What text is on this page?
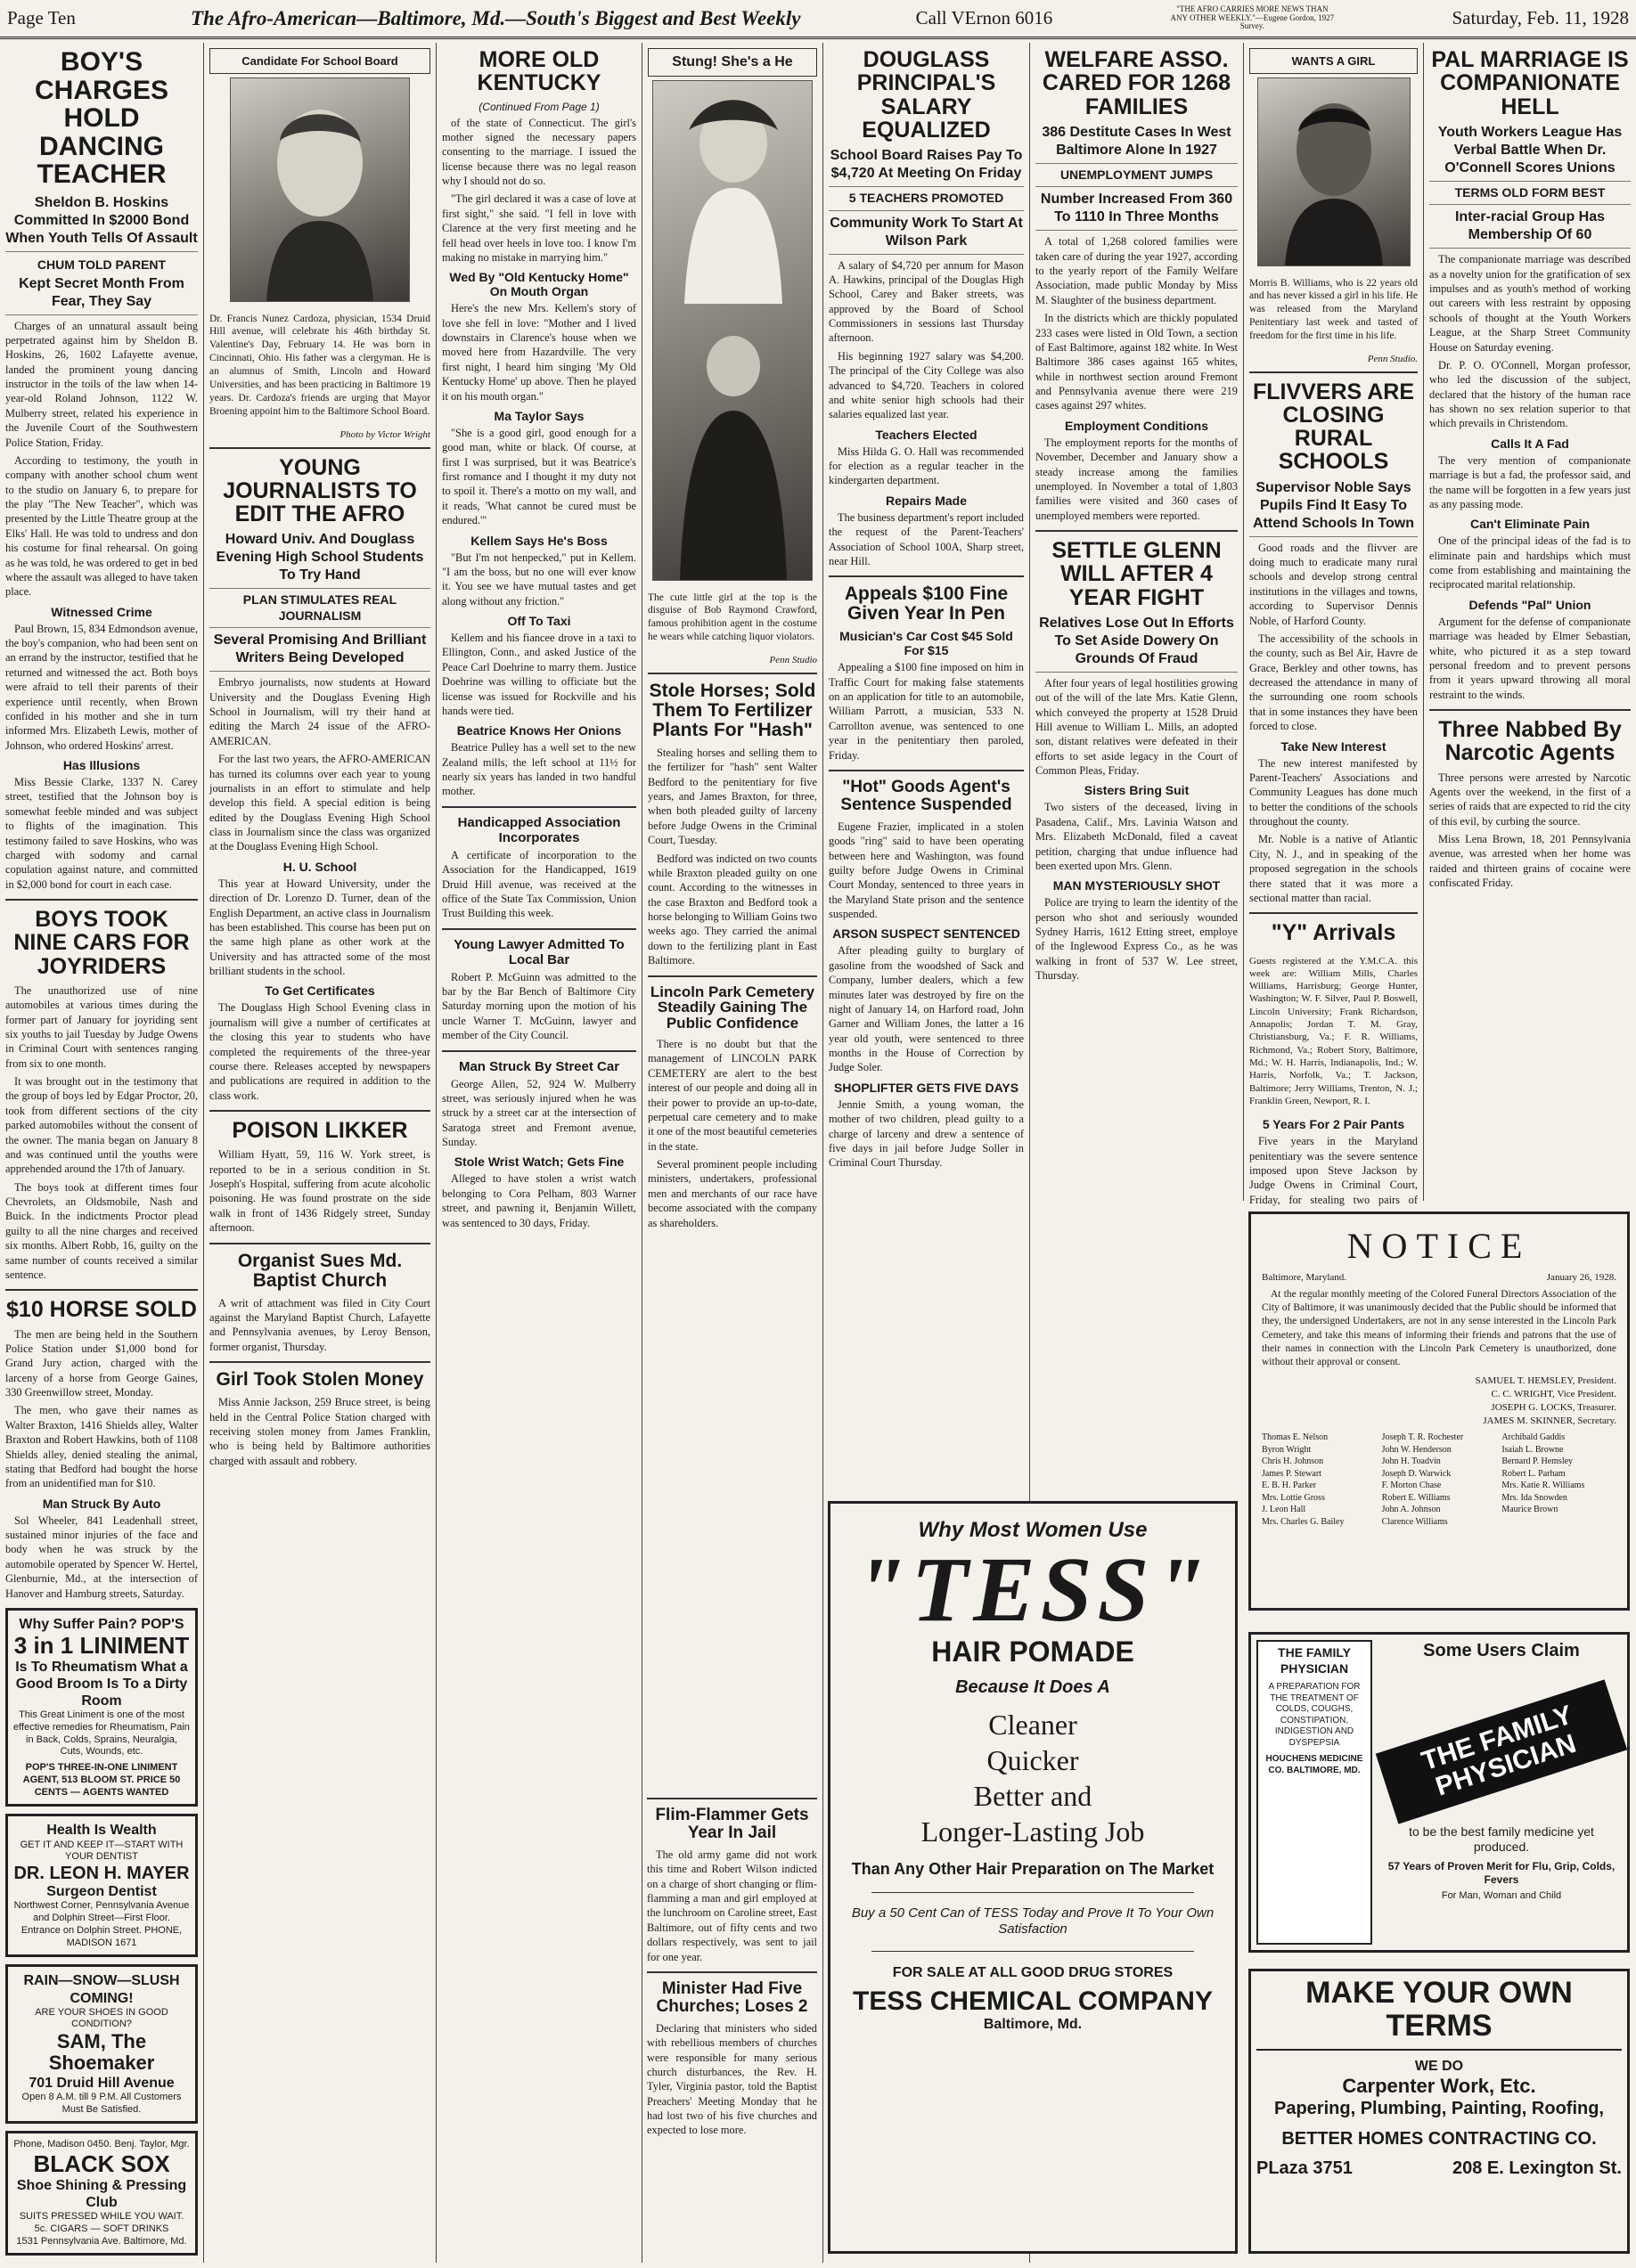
Page Ten	The Afro-American—Baltimore, Md.—South's Biggest and Best Weekly	Call VErnon 6016	"THE AFRO CARRIES MORE NEWS THAN ANY OTHER WEEKLY."—Eugene Gordon, 1927 Survey.	Saturday, Feb. 11, 1928
BOY'S CHARGES HOLD DANCING TEACHER
Sheldon B. Hoskins Committed In $2000 Bond When Youth Tells Of Assault
CHUM TOLD PARENT
Kept Secret Month From Fear, They Say

Charges of an unnatural assault being perpetrated against him by Sheldon B. Hoskins, 26, 1602 Lafayette avenue, landed the prominent young dancing instructor in the toils of the law when 14-year-old Roland Johnson, 1122 W. Mulberry street, related his experience in the Juvenile Court of the Southwestern Police Station, Friday.

According to testimony, the youth in company with another school chum went to the studio on January 6, to prepare for the play "The New Teacher", which was presented by the Little Theatre group at the Elks' Hall. He was told to undress and don his costume for final rehearsal. On going as he was told, he was ordered to get in bed where the assault was alleged to have taken place.

Witnessed Crime

Paul Brown, 15, 834 Edmondson avenue, the boy's companion, who had been sent on an errand by the instructor, testified that he returned and witnessed the act. Both boys were afraid to tell their parents of their experience until recently, when Brown confided in his mother and she in turn informed Mrs. Elizabeth Lewis, mother of Johnson, who ordered Hoskins' arrest.

Has Illusions

Miss Bessie Clarke, 1337 N. Carey street, testified that the Johnson boy is somewhat feeble minded and was subject to flights of the imagination. This testimony failed to save Hoskins, who was charged with sodomy and carnal copulation against nature, and committed in $2,000 bond for court in each case.

BOYS TOOK NINE CARS FOR JOYRIDERS

The unauthorized use of nine automobiles at various times during the former part of January for joyriding sent six youths to jail Tuesday by Judge Owens in Criminal Court with sentences ranging from six to one month.

It was brought out in the testimony that the group of boys led by Edgar Proctor, 20, took from different sections of the city parked automobiles without the consent of the owner. The mania began on January 8 and was continued until the youths were apprehended around the 17th of January.

The boys took at different times four Chevrolets, an Oldsmobile, Nash and Buick. In the indictments Proctor plead guilty to all the nine charges and received six months. Albert Robb, 16, guilty on the same number of counts received a similar sentence.

$10 HORSE SOLD

The men are being held in the Southern Police Station under $1,000 bond for Grand Jury action, charged with the larceny of a horse from George Gaines, 330 Greenwillow street, Monday.

The men, who gave their names as Walter Braxton, 1416 Shields alley, Walter Braxton and Robert Hawkins, both of 1108 Shields alley, denied stealing the animal, stating that Bedford had bought the horse from an unidentified man for $10.

Man Struck By Auto

Sol Wheeler, 841 Leadenhall street, sustained minor injuries of the face and body when he was struck by the automobile operated by Spencer W. Hertel, Glenburnie, Md., at the intersection of Hanover and Hamburg streets, Saturday.

Why Suffer Pain? POP'S
3 in 1 LINIMENT
Is To Rheumatism What a Good Broom Is To a Dirty Room
This Great Liniment is one of the most effective remedies for Rheumatism, Pain in Back, Colds, Sprains, Neuralgia, Cuts, Wounds, etc.
POP'S THREE-IN-ONE LINIMENT AGENT, 513 BLOOM ST. PRICE 50 CENTS — AGENTS WANTED
Health Is Wealth
GET IT AND KEEP IT—START WITH YOUR DENTIST
DR. LEON H. MAYER
Surgeon Dentist
Northwest Corner, Pennsylvania Avenue and Dolphin Street—First Floor. Entrance on Dolphin Street. PHONE, MADISON 1671
RAIN—SNOW—SLUSH COMING!
ARE YOUR SHOES IN GOOD CONDITION?
SAM, The Shoemaker
701 Druid Hill Avenue
Open 8 A.M. till 9 P.M. All Customers Must Be Satisfied.
Phone, Madison 0450. Benj. Taylor, Mgr.
BLACK SOX
Shoe Shining & Pressing Club
SUITS PRESSED WHILE YOU WAIT. 5c. CIGARS — SOFT DRINKS
1531 Pennsylvania Ave. Baltimore, Md.
Candidate For School Board

Dr. Francis Nunez Cardoza, physician, 1534 Druid Hill avenue, will celebrate his 46th birthday St. Valentine's Day, February 14. He was born in Cincinnati, Ohio. His father was a clergyman. He is an alumnus of Smith, Lincoln and Howard Universities, and has been practicing in Baltimore 19 years. Dr. Cardoza's friends are urging that Mayor Broening appoint him to the Baltimore School Board.

Photo by Victor Wright
YOUNG JOURNALISTS TO EDIT THE AFRO
Howard Univ. And Douglass Evening High School Students To Try Hand
PLAN STIMULATES REAL JOURNALISM
Several Promising And Brilliant Writers Being Developed

Embryo journalists, now students at Howard University and the Douglass Evening High School in Journalism, will try their hand at editing the March 24 issue of the AFRO-AMERICAN.

For the last two years, the AFRO-AMERICAN has turned its columns over each year to young journalists in an effort to stimulate and help develop this field. A special edition is being edited by the Douglass Evening High School class in Journalism since the class was organized at the Douglass Evening High School.

H. U. School

This year at Howard University, under the direction of Dr. Lorenzo D. Turner, dean of the English Department, an active class in Journalism has been established. This course has been put on the same high plane as other work at the University and has attracted some of the most brilliant students in the school.

To Get Certificates

The Douglass High School Evening class in journalism will give a number of certificates at the closing this year to students who have completed the requirements of the three-year course there. Releases accepted by newspapers and publications are required in addition to the class work.

POISON LIKKER

William Hyatt, 59, 116 W. York street, is reported to be in a serious condition in St. Joseph's Hospital, suffering from acute alcoholic poisoning. He was found prostrate on the side walk in front of 1436 Ridgely street, Sunday afternoon.

Organist Sues Md. Baptist Church

A writ of attachment was filed in City Court against the Maryland Baptist Church, Lafayette and Pennsylvania avenues, by Leroy Benson, former organist, Thursday.

Girl Took Stolen Money

Miss Annie Jackson, 259 Bruce street, is being held in the Central Police Station charged with receiving stolen money from James Franklin, who is being held by Baltimore authorities charged with assault and robbery.

MORE OLD KENTUCKY
(Continued From Page 1)

of the state of Connecticut. The girl's mother signed the necessary papers consenting to the marriage. I issued the license because there was no legal reason why I should not do so.

"The girl declared it was a case of love at first sight," she said. "I fell in love with Clarence at the very first meeting and he fell head over heels in love too. I know I'm making no mistake in marrying him."

Wed By "Old Kentucky Home" On Mouth Organ

Here's the new Mrs. Kellem's story of love she fell in love: "Mother and I lived downstairs in Clarence's house when we moved here from Hazardville. The very first night, I heard him singing 'My Old Kentucky Home' up above. Then he played it on his mouth organ."

Ma Taylor Says

"She is a good girl, good enough for a good man, white or black. Of course, at first I was surprised, but it was Beatrice's first romance and I thought it my duty not to spoil it. There's a motto on my wall, and it reads, 'What cannot be cured must be endured.'"

Kellem Says He's Boss

"But I'm not henpecked," put in Kellem. "I am the boss, but no one will ever know it. You see we have mutual tastes and get along without any friction."

Off To Taxi

Kellem and his fiancee drove in a taxi to Ellington, Conn., and asked Justice of the Peace Carl Doehrine to marry them. Justice Doehrine was willing to officiate but the license was issued for Rockville and his hands were tied.

Beatrice Knows Her Onions

Beatrice Pulley has a well set to the new Zealand mills, the left school at 11½ for nearly six years has landed in two handful mother.

Handicapped Association Incorporates

A certificate of incorporation to the Association for the Handicapped, 1619 Druid Hill avenue, was received at the office of the State Tax Commission, Union Trust Building this week.

Young Lawyer Admitted To Local Bar

Robert P. McGuinn was admitted to the bar by the Bar Bench of Baltimore City Saturday morning upon the motion of his uncle Warner T. McGuinn, lawyer and member of the City Council.

Man Struck By Street Car

George Allen, 52, 924 W. Mulberry street, was seriously injured when he was struck by a street car at the intersection of Saratoga street and Fremont avenue, Sunday.

Stole Wrist Watch; Gets Fine

Alleged to have stolen a wrist watch belonging to Cora Pelham, 803 Warner street, and pawning it, Benjamin Willett, was sentenced to 30 days, Friday.

Stung! She's a He

The cute little girl at the top is the disguise of Bob Raymond Crawford, famous prohibition agent in the costume he wears while catching liquor violators.

Penn Studio
Stole Horses; Sold Them To Fertilizer Plants For "Hash"

Stealing horses and selling them to the fertilizer for "hash" sent Walter Bedford to the penitentiary for five years, and James Braxton, for three, when both pleaded guilty of larceny before Judge Owens in the Criminal Court, Tuesday.

Bedford was indicted on two counts while Braxton pleaded guilty on one count. According to the witnesses in the case Braxton and Bedford took a horse belonging to William Goins two weeks ago. They carried the animal down to the fertilizing plant in East Baltimore.

Lincoln Park Cemetery Steadily Gaining The Public Confidence

There is no doubt but that the management of LINCOLN PARK CEMETERY are alert to the best interest of our people and doing all in their power to provide an up-to-date, perpetual care cemetery and to make it one of the most beautiful cemeteries in the state.

Several prominent people including ministers, undertakers, professional men and merchants of our race have become associated with the company as shareholders.

DOUGLASS PRINCIPAL'S SALARY EQUALIZED
School Board Raises Pay To $4,720 At Meeting On Friday
5 TEACHERS PROMOTED
Community Work To Start At Wilson Park

A salary of $4,720 per annum for Mason A. Hawkins, principal of the Douglas High School, Carey and Baker streets, was approved by the Board of School Commissioners in sessions last Thursday afternoon.

His beginning 1927 salary was $4,200. The principal of the City College was also advanced to $4,720. Teachers in colored and white senior high schools had their salaries equalized last year.

Teachers Elected

Miss Hilda G. O. Hall was recommended for election as a regular teacher in the kindergarten department.

Repairs Made

The business department's report included the request of the Parent-Teachers' Association of School 100A, Sharp street, near Hill.

Appeals $100 Fine Given Year In Pen
Musician's Car Cost $45 Sold For $15

Appealing a $100 fine imposed on him in Traffic Court for making false statements on an application for title to an automobile, William Parrott, a musician, 533 N. Carrollton avenue, was sentenced to one year in the penitentiary then paroled, Friday.

"Hot" Goods Agent's Sentence Suspended

Eugene Frazier, implicated in a stolen goods "ring" said to have been operating between here and Washington, was found guilty before Judge Owens in Criminal Court Monday, sentenced to three years in the Maryland State prison and the sentence suspended.

ARSON SUSPECT SENTENCED

After pleading guilty to burglary of gasoline from the woodshed of Sack and Company, lumber dealers, which a few minutes later was destroyed by fire on the night of January 14, on Harford road, John Garner and William Jones, the latter a 16 year old youth, were sentenced to three months in the House of Correction by Judge Soler.

SHOPLIFTER GETS FIVE DAYS

Jennie Smith, a young woman, the mother of two children, plead guilty to a charge of larceny and drew a sentence of five days in jail before Judge Soller in Criminal Court Thursday.

WELFARE ASSO. CARED FOR 1268 FAMILIES
386 Destitute Cases In West Baltimore Alone In 1927
UNEMPLOYMENT JUMPS
Number Increased From 360 To 1110 In Three Months

A total of 1,268 colored families were taken care of during the year 1927, according to the yearly report of the Family Welfare Association, made public Monday by Miss M. Slaughter of the business department.

In the districts which are thickly populated 233 cases were listed in Old Town, a section of East Baltimore, against 182 white. In West Baltimore 386 cases against 165 whites, while in northwest section around Fremont and Pennsylvania avenue there were 219 cases against 297 whites.

Employment Conditions

The employment reports for the months of November, December and January show a steady increase among the families unemployed. In November a total of 1,803 families were visited and 360 cases of unemployed members were reported.

SETTLE GLENN WILL AFTER 4 YEAR FIGHT
Relatives Lose Out In Efforts To Set Aside Dowery On Grounds Of Fraud

After four years of legal hostilities growing out of the will of the late Mrs. Katie Glenn, which conveyed the property at 1528 Druid Hill avenue to William L. Mills, an adopted son, distant relatives were defeated in their efforts to set aside legacy in the Court of Common Pleas, Friday.

Sisters Bring Suit

Two sisters of the deceased, living in Pasadena, Calif., Mrs. Lavinia Watson and Mrs. Elizabeth McDonald, filed a caveat petition, charging that undue influence had been exerted upon Mrs. Glenn.

MAN MYSTERIOUSLY SHOT

Police are trying to learn the identity of the person who shot and seriously wounded Sydney Harris, 1612 Etting street, employe of the Inglewood Express Co., as he was walking in front of 537 W. Lee street, Thursday.

WANTS A GIRL

Morris B. Williams, who is 22 years old and has never kissed a girl in his life. He was released from the Maryland Penitentiary last week and tasted of freedom for the first time in his life.

Penn Studio.
FLIVVERS ARE CLOSING RURAL SCHOOLS
Supervisor Noble Says Pupils Find It Easy To Attend Schools In Town

Good roads and the flivver are doing much to eradicate many rural schools and develop strong central institutions in the villages and towns, according to Supervisor Dennis Noble, of Harford County.

The accessibility of the schools in the county, such as Bel Air, Havre de Grace, Berkley and other towns, has decreased the attendance in many of the surrounding one room schools that in some instances they have been forced to close.

Take New Interest

The new interest manifested by Parent-Teachers' Associations and Community Leagues has done much to better the conditions of the schools throughout the county.

Mr. Noble is a native of Atlantic City, N. J., and in speaking of the proposed segregation in the schools there stated that it was more a sectional matter than racial.

"Y" Arrivals

Guests registered at the Y.M.C.A. this week are: William Mills, Charles Williams, Harrisburg; George Hunter, Washington; W. F. Silver, Paul P. Boswell, Lincoln University; Frank Richardson, Annapolis; Jordan T. M. Gray, Christiansburg, Va.; F. R. Williams, Richmond, Va.; Robert Story, Baltimore, Md.; W. H. Harris, Indianapolis, Ind.; W. Harris, Norfolk, Va.; T. Jackson, Baltimore; Jerry Williams, Trenton, N. J.; Franklin Green, Newport, R. I.

5 Years For 2 Pair Pants

Five years in the Maryland penitentiary was the severe sentence imposed upon Steve Jackson by Judge Owens in Criminal Court, Friday, for stealing two pairs of

PAL MARRIAGE IS COMPANIONATE HELL
Youth Workers League Has Verbal Battle When Dr. O'Connell Scores Unions
TERMS OLD FORM BEST
Inter-racial Group Has Membership Of 60

The companionate marriage was described as a novelty union for the gratification of sex impulses and as youth's method of working out careers with less restraint by opposing schools of thought at the Youth Workers League, at the Sharp Street Community House on Saturday evening.

Dr. P. O. O'Connell, Morgan professor, who led the discussion of the subject, declared that the history of the human race has shown no sex relation superior to that which prevails in Christendom.

Calls It A Fad

The very mention of companionate marriage is but a fad, the professor said, and the name will be forgotten in a few years just as any passing mode.

Can't Eliminate Pain

One of the principal ideas of the fad is to eliminate pain and hardships which must come from establishing and maintaining the reciprocated marital relationship.

Defends "Pal" Union

Argument for the defense of companionate marriage was headed by Elmer Sebastian, white, who pictured it as a step toward personal freedom and to prevent persons from it years upward throwing all moral restraint to the winds.

Three Nabbed By Narcotic Agents

Three persons were arrested by Narcotic Agents over the weekend, in the first of a series of raids that are expected to rid the city of this evil, by curbing the source.

Miss Lena Brown, 18, 201 Pennsylvania avenue, was arrested when her home was raided and thirteen grains of cocaine were confiscated Friday.

NOTICE
Baltimore, Maryland.	January 26, 1928.

At the regular monthly meeting of the Colored Funeral Directors Association of the City of Baltimore, it was unanimously decided that the Public should be informed that they, the undersigned Undertakers, are not in any sense interested in the Lincoln Park Cemetery, and take this means of informing their friends and patrons that the use of their names in connection with the Lincoln Park Cemetery is unauthorized, done without their approval or consent.

SAMUEL T. HEMSLEY, President.
C. C. WRIGHT, Vice President.
JOSEPH G. LOCKS, Treasurer.
JAMES M. SKINNER, Secretary.
Thomas E. Nelson	Joseph T. R. Rochester	Archibald Gaddis
Byron Wright	John W. Henderson	Isaiah L. Browne
Chris H. Johnson	John H. Toadvin	Bernard P. Hemsley
James P. Stewart	Joseph D. Warwick	Robert L. Parham
E. B. H. Parker	F. Morton Chase	Mrs. Katie R. Williams
Mrs. Lottie Gross	Robert E. Williams	Mrs. Ida Snowden
J. Leon Hall	John A. Johnson	Maurice Brown
Mrs. Charles G. Bailey	Clarence Williams
THE FAMILY PHYSICIAN
A PREPARATION FOR THE TREATMENT OF COLDS, COUGHS, CONSTIPATION, INDIGESTION AND DYSPEPSIA
HOUCHENS MEDICINE CO. BALTIMORE, MD.
Some Users Claim
THE FAMILY PHYSICIAN
to be the best family medicine yet produced.
57 Years of Proven Merit for Flu, Grip, Colds, Fevers
For Man, Woman and Child
MAKE YOUR OWN TERMS
WE DO
Carpenter Work, Etc.
Papering, Plumbing, Painting, Roofing,
BETTER HOMES CONTRACTING CO.
PLaza 3751	208 E. Lexington St.
Why Most Women Use
"TESS"
HAIR POMADE
Because It Does A
Cleaner
Quicker
Better and
Longer-Lasting Job
Than Any Other Hair Preparation on The Market
Buy a 50 Cent Can of TESS Today and Prove It To Your Own Satisfaction
FOR SALE AT ALL GOOD DRUG STORES
TESS CHEMICAL COMPANY
Baltimore, Md.
Flim-Flammer Gets Year In Jail

The old army game did not work this time and Robert Wilson indicted on a charge of short changing or flim-flamming a man and girl employed at the lunchroom on Caroline street, East Baltimore, out of fifty cents and two dollars respectively, was sent to jail for one year.

Minister Had Five Churches; Loses 2

Declaring that ministers who sided with rebellious members of churches were responsible for many serious church disturbances, the Rev. H. Tyler, Virginia pastor, told the Baptist Preachers' Meeting Monday that he had lost two of his five churches and expected to lose more.
